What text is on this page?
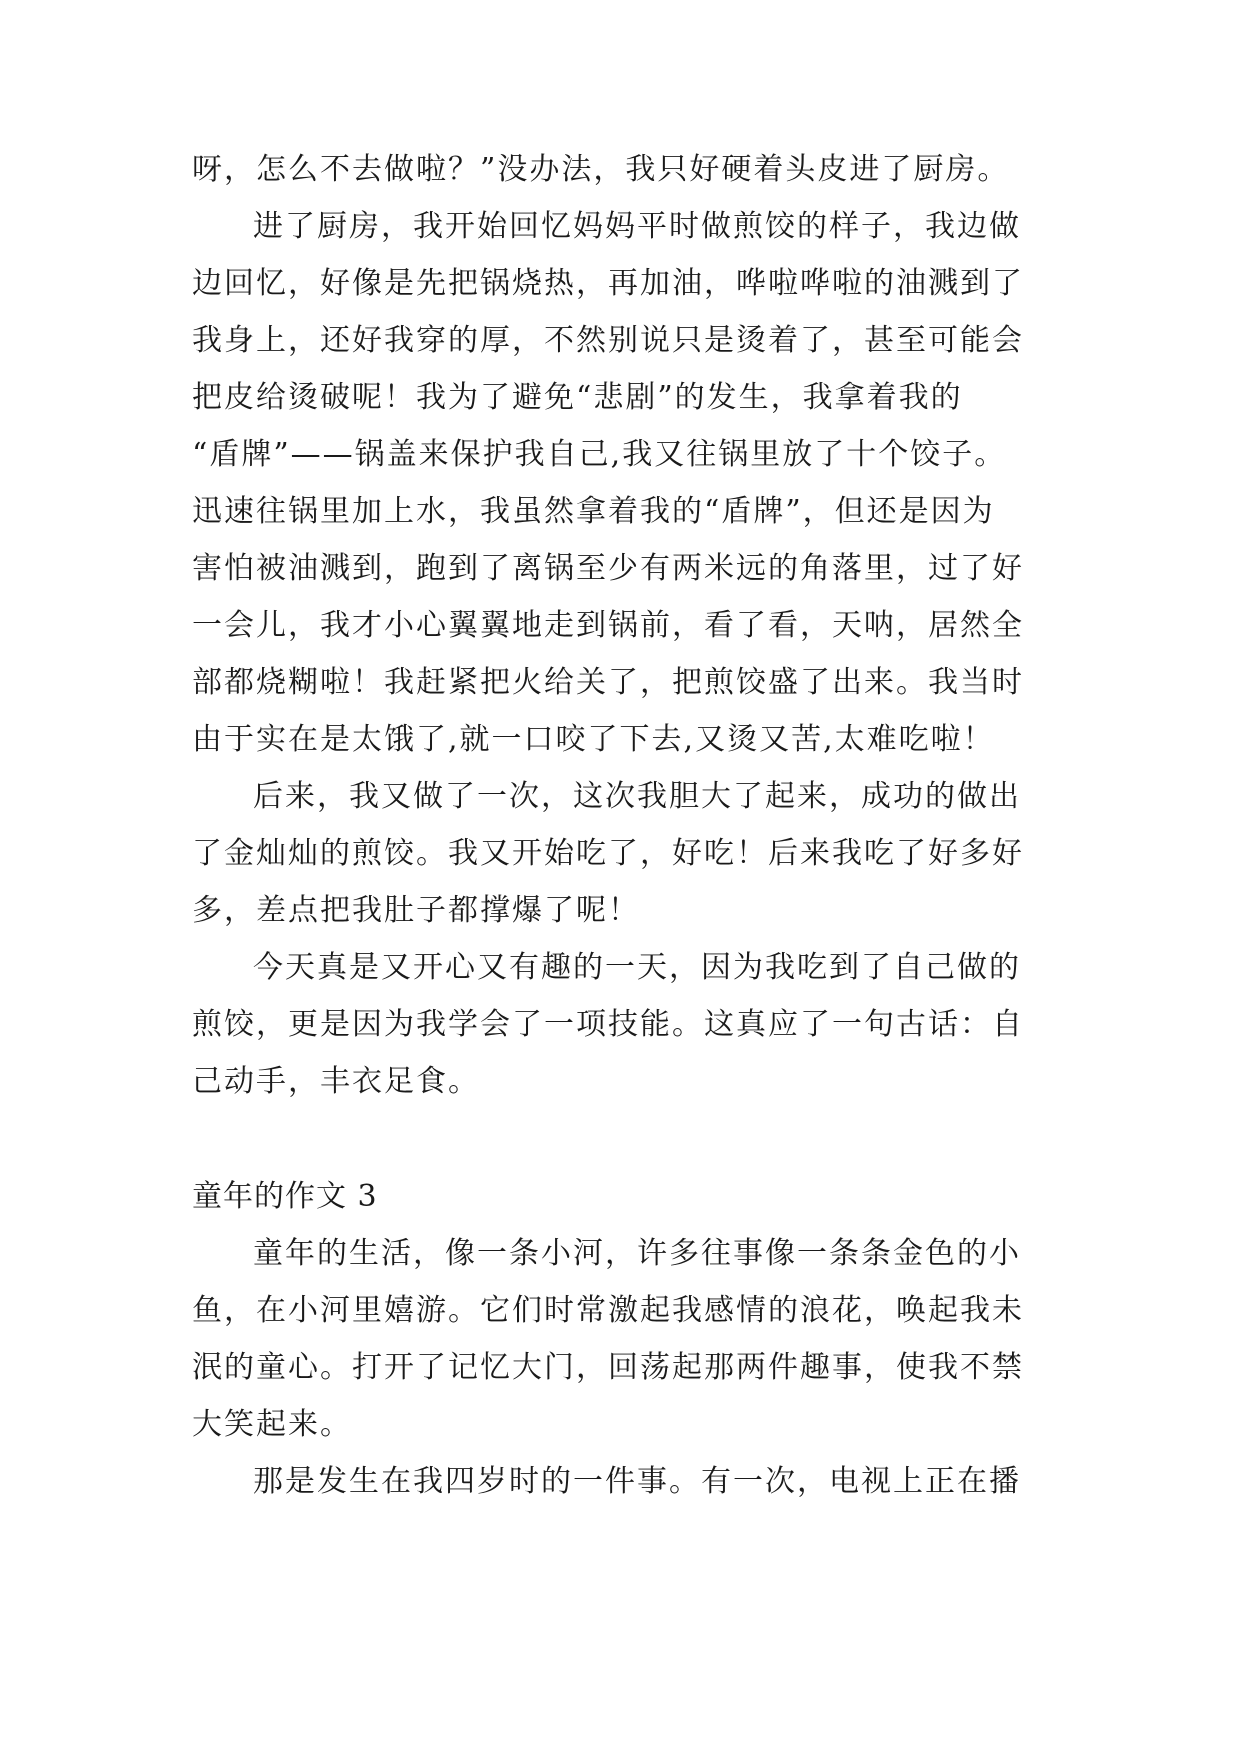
呀，怎么不去做啦？”没办法，我只好硬着头皮进了厨房。
进了厨房，我开始回忆妈妈平时做煎饺的样子，我边做
边回忆，好像是先把锅烧热，再加油，哗啦哗啦的油溅到了
我身上，还好我穿的厚，不然别说只是烫着了，甚至可能会
把皮给烫破呢！我为了避免“悲剧”的发生，我拿着我的
“盾牌”——锅盖来保护我自己,我又往锅里放了十个饺子。
迅速往锅里加上水，我虽然拿着我的“盾牌”，但还是因为
害怕被油溅到，跑到了离锅至少有两米远的角落里，过了好
一会儿，我才小心翼翼地走到锅前，看了看，天呐，居然全
部都烧糊啦！我赶紧把火给关了，把煎饺盛了出来。我当时
由于实在是太饿了,就一口咬了下去,又烫又苦,太难吃啦！
后来，我又做了一次，这次我胆大了起来，成功的做出
了金灿灿的煎饺。我又开始吃了，好吃！后来我吃了好多好
多，差点把我肚子都撑爆了呢！
今天真是又开心又有趣的一天，因为我吃到了自己做的
煎饺，更是因为我学会了一项技能。这真应了一句古话：自
己动手，丰衣足食。
童年的作文 3
童年的生活，像一条小河，许多往事像一条条金色的小
鱼，在小河里嬉游。它们时常激起我感情的浪花，唤起我未
泯的童心。打开了记忆大门，回荡起那两件趣事，使我不禁
大笑起来。
那是发生在我四岁时的一件事。有一次，电视上正在播
